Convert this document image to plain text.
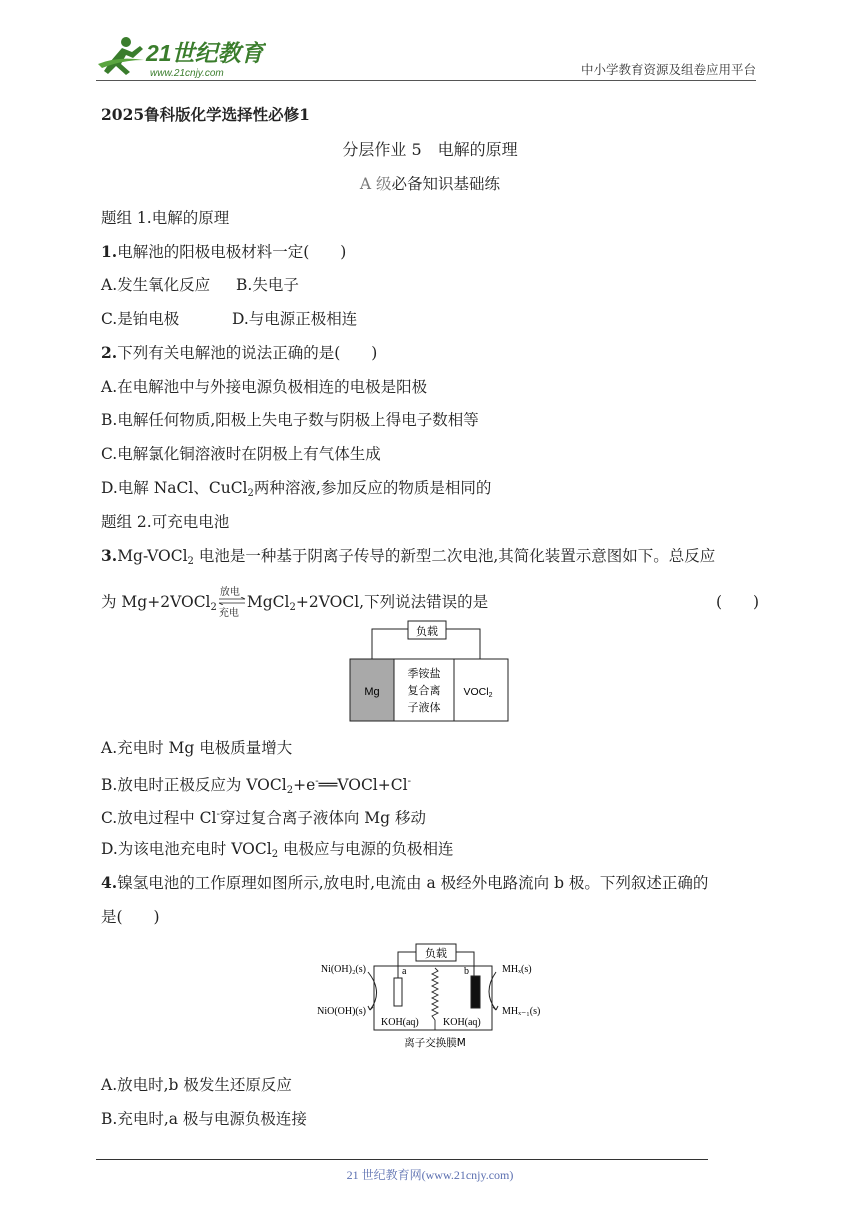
21世纪教育
www.21cnjy.com	中小学教育资源及组卷应用平台
2025鲁科版化学选择性必修1
分层作业 5　电解的原理
A 级必备知识基础练
题组 1.电解的原理
1.电解池的阳极电极材料一定(　　)
A.发生氧化反应 B.失电子
C.是铂电极	D.与电源正极相连
2.下列有关电解池的说法正确的是(　　)
A.在电解池中与外接电源负极相连的电极是阳极
B.电解任何物质,阳极上失电子数与阴极上得电子数相等
C.电解氯化铜溶液时在阴极上有气体生成
D.电解 NaCl、CuCl$_2$两种溶液,参加反应的物质是相同的
题组 2.可充电电池
3.Mg-VOCl$_2$ 电池是一种基于阴离子传导的新型二次电池,其简化装置示意图如下。总反应
为 Mg+2VOCl$_2$
放电
充电
MgCl$_2$+2VOCl,下列说法错误的是	(　　)
负载
Mg
季铵盐
复合离
子液体
VOCl2
A.充电时 Mg 电极质量增大
B.放电时正极反应为 VOCl$_2$+e-══VOCl+Cl-
C.放电过程中 Cl-穿过复合离子液体向 Mg 移动
D.为该电池充电时 VOCl$_2$ 电极应与电源的负极相连
4.镍氢电池的工作原理如图所示,放电时,电流由 a 极经外电路流向 b 极。下列叙述正确的
是(　　)
负载
a	b
Ni(OH)₂(s)
NiO(OH)(s)
MHₓ(s)
MHₓ₋₁(s)
KOH(aq) KOH(aq)
离子交换膜M
A.放电时,b 极发生还原反应
B.充电时,a 极与电源负极连接
21 世纪教育网(www.21cnjy.com)
